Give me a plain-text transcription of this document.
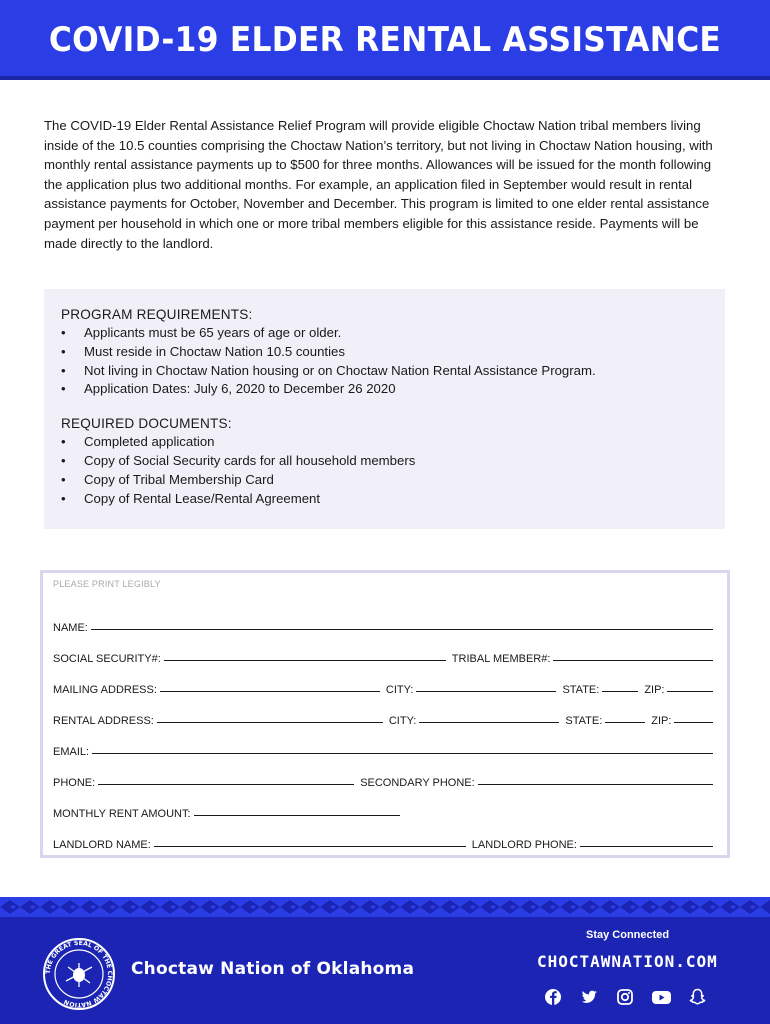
COVID-19 ELDER RENTAL ASSISTANCE

The COVID-19 Elder Rental Assistance Relief Program will provide eligible Choctaw Nation tribal members living inside of the 10.5 counties comprising the Choctaw Nation’s territory, but not living in Choctaw Nation housing, with monthly rental assistance payments up to $500 for three months. Allowances will be issued for the month following the application plus two additional months. For example, an application filed in September would result in rental assistance payments for October, November and December. This program is limited to one elder rental assistance payment per household in which one or more tribal members eligible for this assistance reside. Payments will be made directly to the landlord.

PROGRAM REQUIREMENTS:
• Applicants must be 65 years of age or older.
• Must reside in Choctaw Nation 10.5 counties
• Not living in Choctaw Nation housing or on Choctaw Nation Rental Assistance Program.
• Application Dates: July 6, 2020 to December 26 2020
REQUIRED DOCUMENTS:
• Completed application
• Copy of Social Security cards for all household members
• Copy of Tribal Membership Card
• Copy of Rental Lease/Rental Agreement
PLEASE PRINT LEGIBLY
NAME:
SOCIAL SECURITY#:	TRIBAL MEMBER#:
MAILING ADDRESS:	CITY:	STATE:	ZIP:
RENTAL ADDRESS:	CITY:	STATE:	ZIP:
EMAIL:
PHONE:	SECONDARY PHONE:
MONTHLY RENT AMOUNT:
LANDLORD NAME:	LANDLORD PHONE:
THE GREAT SEAL OF THE CHOCTAW NATION
Choctaw Nation of Oklahoma
Stay Connected
CHOCTAWNATION.COM
